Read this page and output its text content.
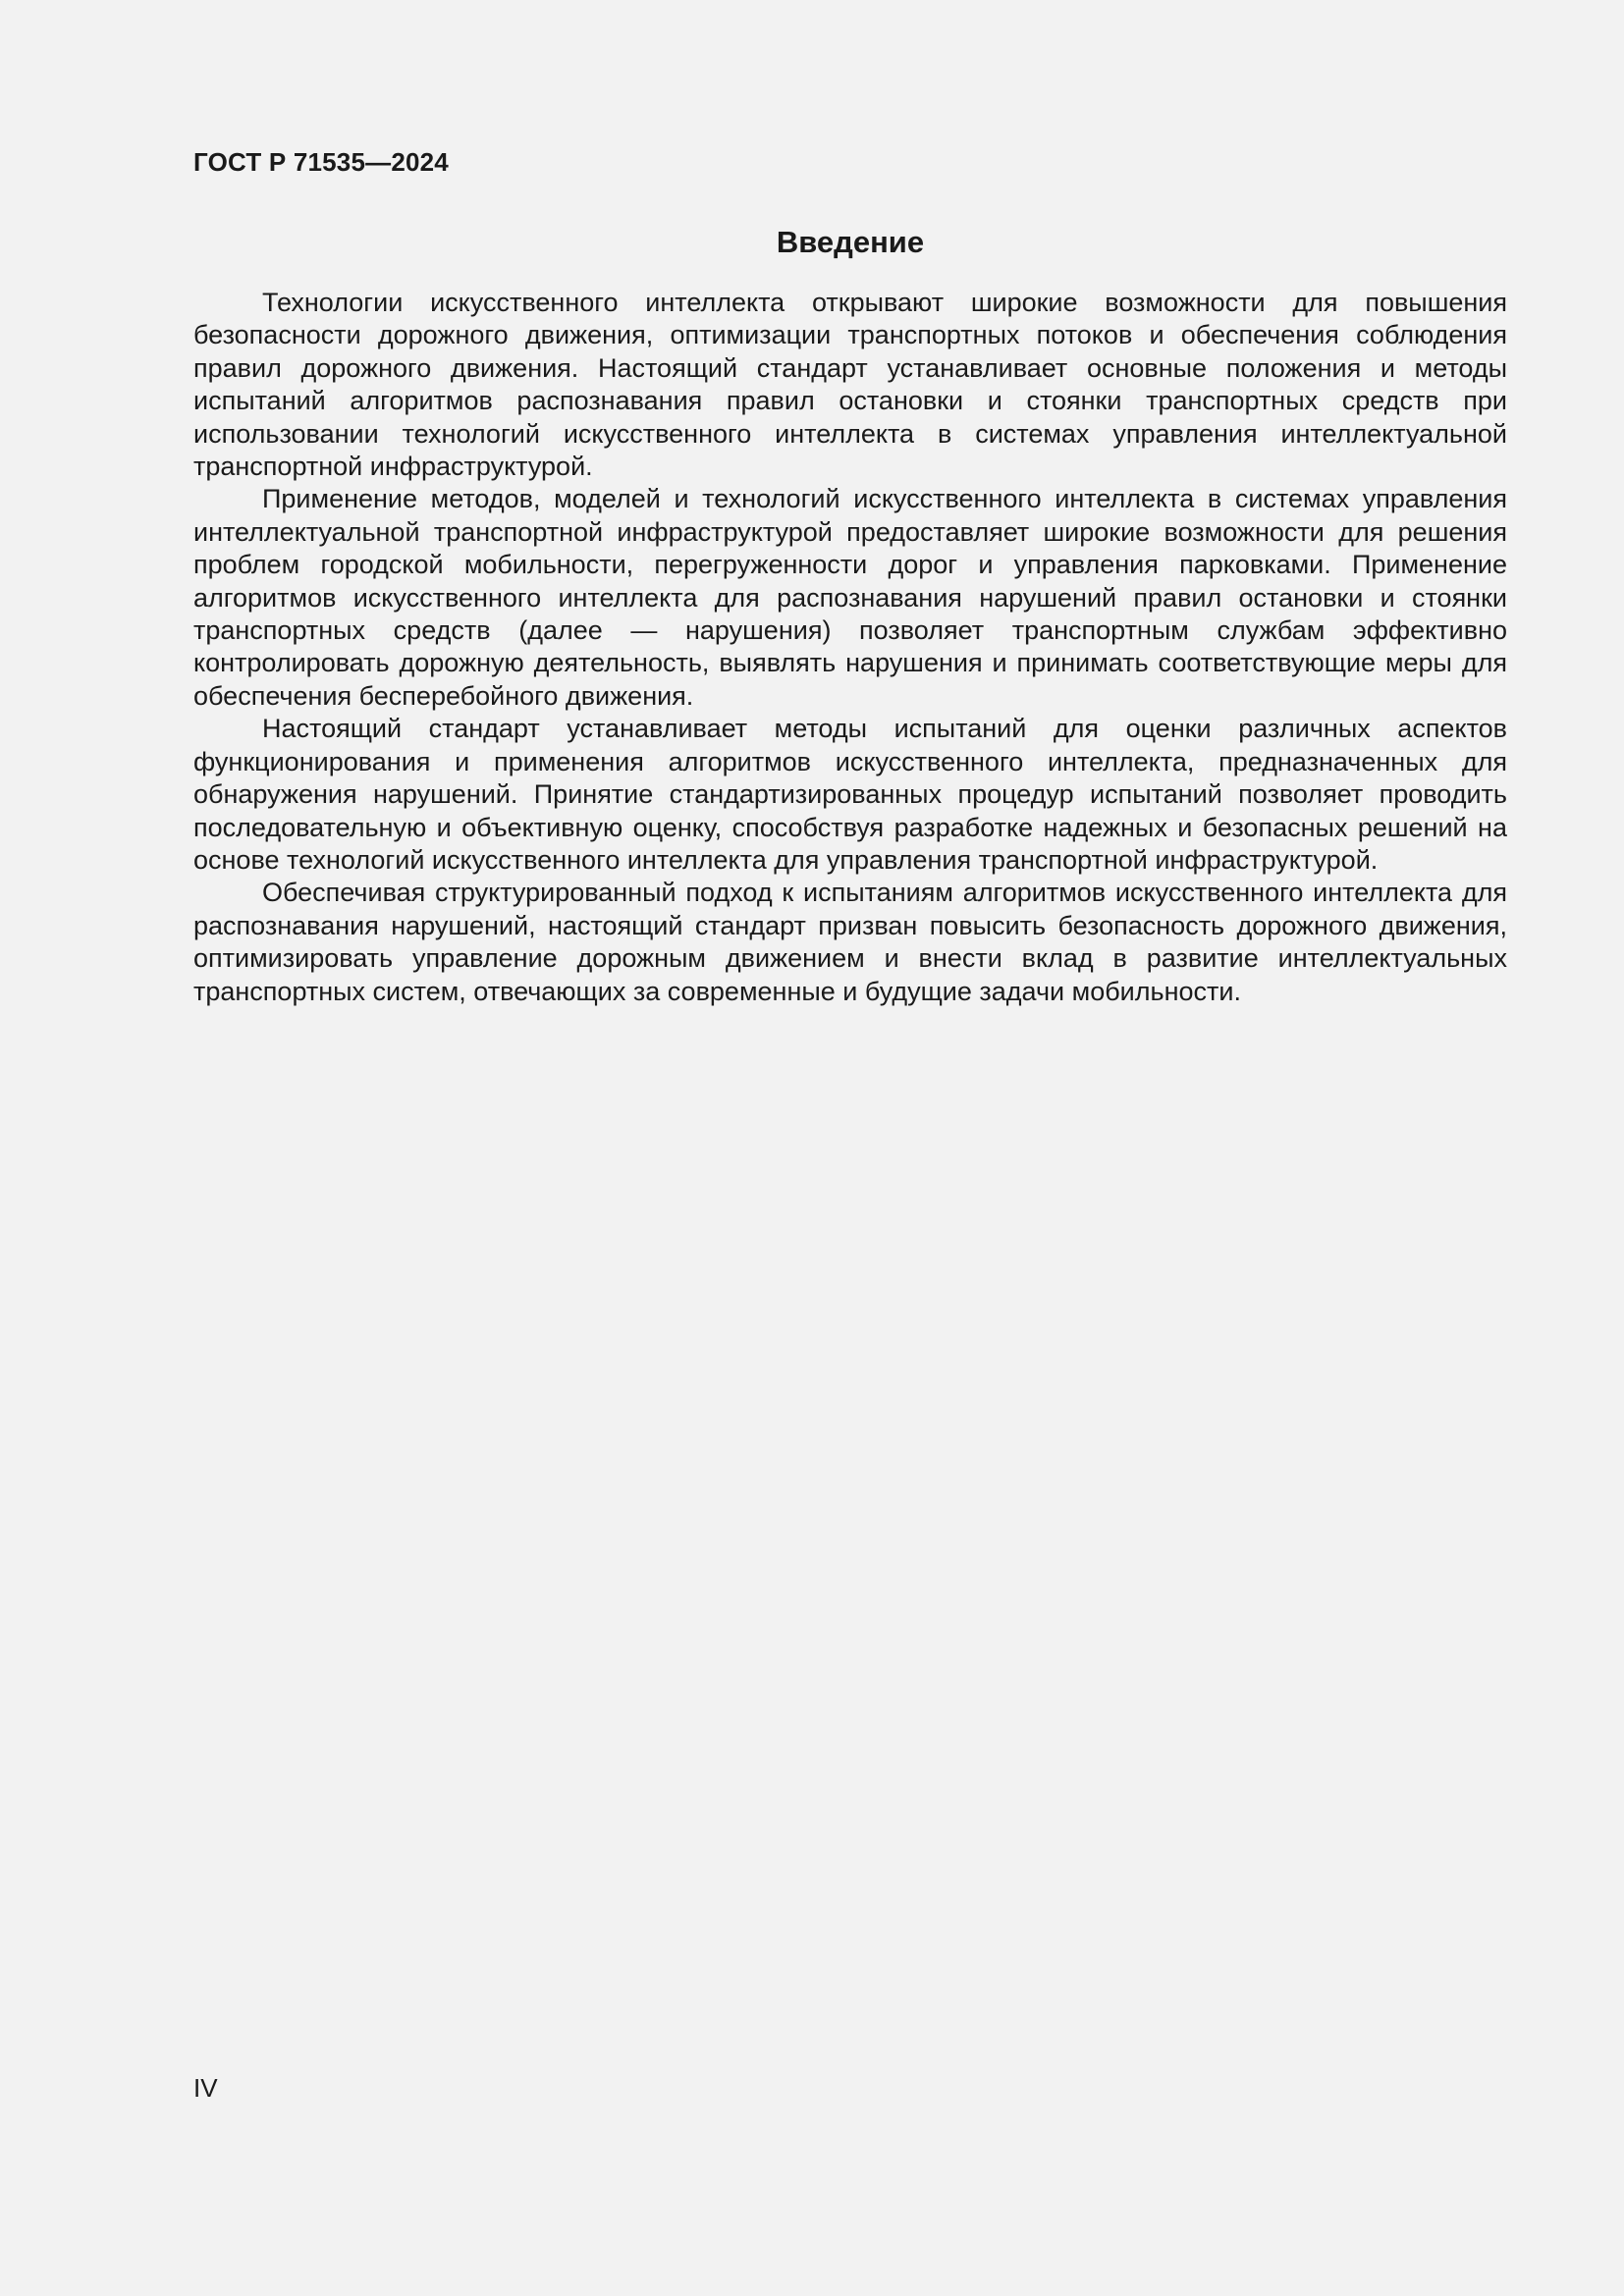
ГОСТ Р 71535—2024
Введение

Технологии искусственного интеллекта открывают широкие возможности для повышения безопасности дорожного движения, оптимизации транспортных потоков и обеспечения соблюдения правил дорожного движения. Настоящий стандарт устанавливает основные положения и методы испытаний алгоритмов распознавания правил остановки и стоянки транспортных средств при использовании технологий искусственного интеллекта в системах управления интеллектуальной транспортной инфраструктурой.

Применение методов, моделей и технологий искусственного интеллекта в системах управления интеллектуальной транспортной инфраструктурой предоставляет широкие возможности для решения проблем городской мобильности, перегруженности дорог и управления парковками. Применение алгоритмов искусственного интеллекта для распознавания нарушений правил остановки и стоянки транспортных средств (далее — нарушения) позволяет транспортным службам эффективно контролировать дорожную деятельность, выявлять нарушения и принимать соответствующие меры для обеспечения бесперебойного движения.

Настоящий стандарт устанавливает методы испытаний для оценки различных аспектов функционирования и применения алгоритмов искусственного интеллекта, предназначенных для обнаружения нарушений. Принятие стандартизированных процедур испытаний позволяет проводить последовательную и объективную оценку, способствуя разработке надежных и безопасных решений на основе технологий искусственного интеллекта для управления транспортной инфраструктурой.

Обеспечивая структурированный подход к испытаниям алгоритмов искусственного интеллекта для распознавания нарушений, настоящий стандарт призван повысить безопасность дорожного движения, оптимизировать управление дорожным движением и внести вклад в развитие интеллектуальных транспортных систем, отвечающих за современные и будущие задачи мобильности.

IV
